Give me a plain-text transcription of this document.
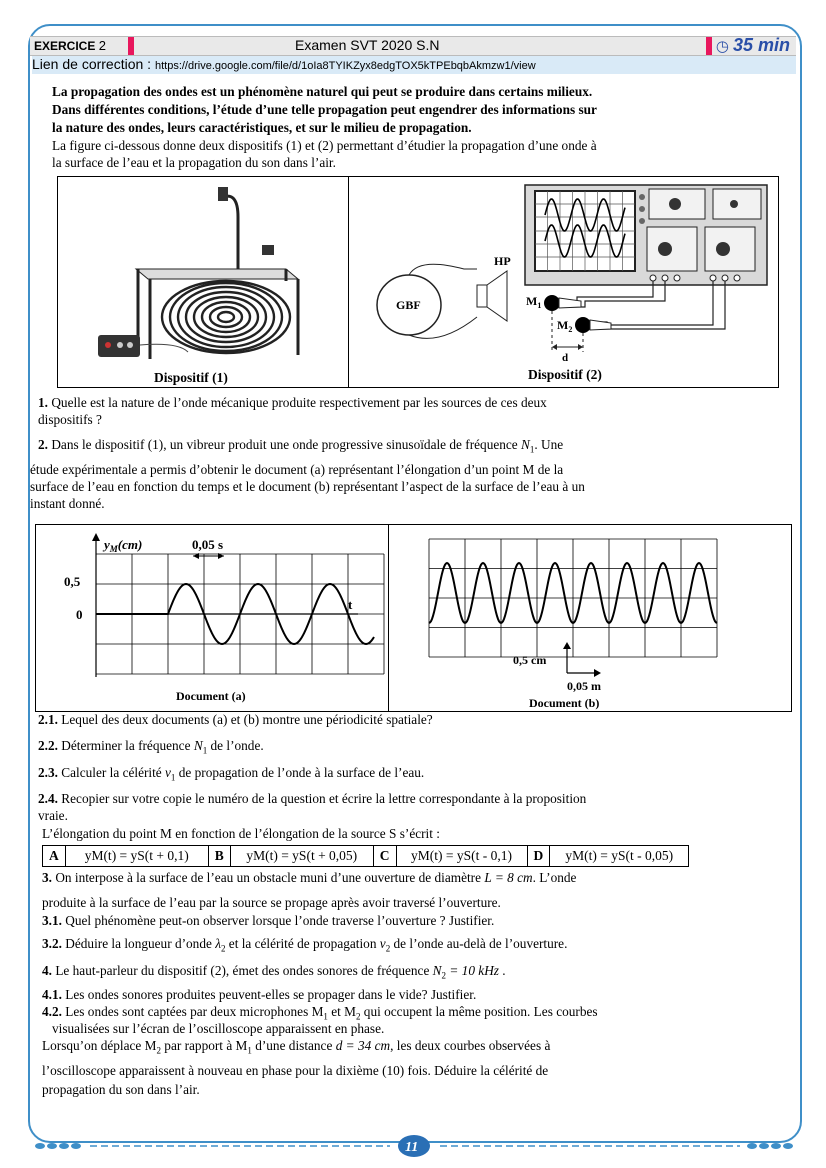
EXERCICE 2	Examen SVT 2020 S.N	◷ 35 min
Lien de correction : https://drive.google.com/file/d/1oIa8TYIKZyx8edgTOX5kTPEbqbAkmzw1/view
La propagation des ondes est un phénomène naturel qui peut se produire dans certains milieux.
Dans différentes conditions, l’étude d’une telle propagation peut engendrer des informations sur
la nature des ondes, leurs caractéristiques, et sur le milieu de propagation.
La figure ci-dessous donne deux dispositifs (1) et (2) permettant d’étudier la propagation d’une onde à
la surface de l’eau et la propagation du son dans l’air.
Dispositif (1)
GBF
HP
$M_1$
$M_2$
d
Dispositif (2)
1. Quelle est la nature de l’onde mécanique produite respectivement par les sources de ces deux
dispositifs ?
2. Dans le dispositif (1), un vibreur produit une onde progressive sinusoïdale de fréquence $N_1$. Une
étude expérimentale a permis d’obtenir le document (a) représentant l’élongation d’un point M de la
surface de l’eau en fonction du temps et le document (b) représentant l’aspect de la surface de l’eau à un
instant donné.
$y_M(cm)$	0,05 s
0,5
0
t
Document (a)
0,5 cm
0,05 m
Document (b)
2.1. Lequel des deux documents (a) et (b) montre une périodicité spatiale?
2.2. Déterminer la fréquence $N_1$ de l’onde.
2.3. Calculer la célérité $v_1$ de propagation de l’onde à la surface de l’eau.
2.4. Recopier sur votre copie le numéro de la question et écrire la lettre correspondante à la proposition
vraie.
L’élongation du point M en fonction de l’élongation de la source S s’écrit :
A	yM(t) = yS(t + 0,1)	B	yM(t) = yS(t + 0,05)	C	yM(t) = yS(t - 0,1)	D	yM(t) = yS(t - 0,05)
3. On interpose à la surface de l’eau un obstacle muni d’une ouverture de diamètre L = 8 cm. L’onde
produite à la surface de l’eau par la source se propage après avoir traversé l’ouverture.
3.1. Quel phénomène peut-on observer lorsque l’onde traverse l’ouverture ? Justifier.
3.2. Déduire la longueur d’onde $\lambda_2$ et la célérité de propagation $v_2$ de l’onde au-delà de l’ouverture.
4. Le haut-parleur du dispositif (2), émet des ondes sonores de fréquence $N_2 = 10$ kHz .
4.1. Les ondes sonores produites peuvent-elles se propager dans le vide? Justifier.
4.2. Les ondes sont captées par deux microphones $M_1$ et $M_2$ qui occupent la même position. Les courbes
visualisées sur l’écran de l’oscilloscope apparaissent en phase.
Lorsqu’on déplace $M_2$ par rapport à $M_1$ d’une distance d = 34 cm, les deux courbes observées à
l’oscilloscope apparaissent à nouveau en phase pour la dixième (10) fois. Déduire la célérité de
propagation du son dans l’air.
11
